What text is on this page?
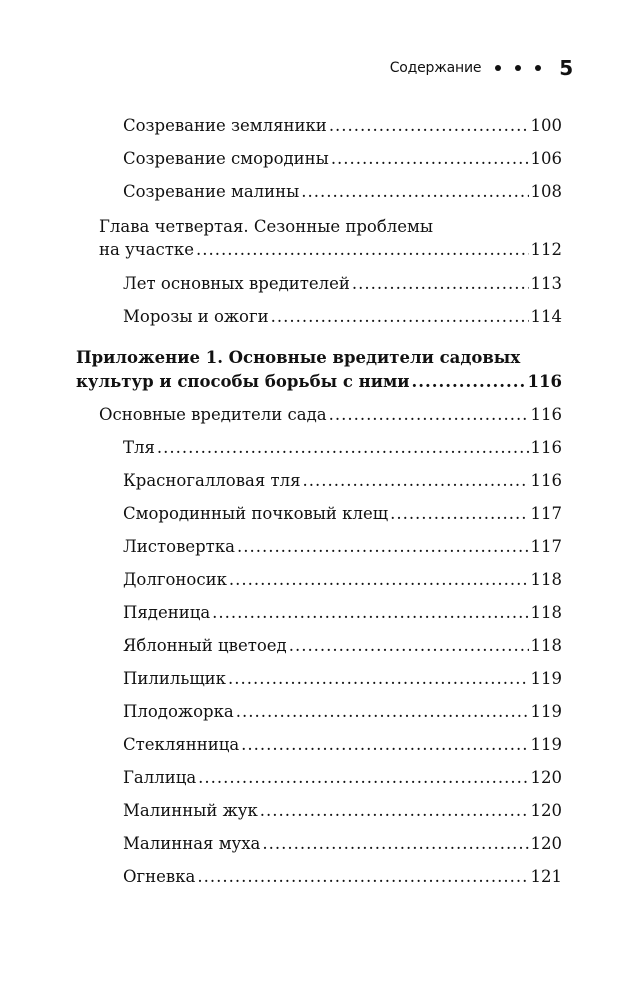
Содержание	5
Созревание земляники .....	100
Созревание смородины .....	106
Созревание малины .....	108
Глава четвертая. Сезонные проблемы
на участке .....	112
Лет основных вредителей .....	113
Морозы и ожоги .....	114
Приложение 1. Основные вредители садовых
культур и способы борьбы с ними .....	116
Основные вредители сада .....	116
Тля .....	116
Красногалловая тля .....	116
Смородинный почковый клещ .....	117
Листовертка .....	117
Долгоносик .....	118
Пяденица .....	118
Яблонный цветоед .....	118
Пилильщик .....	119
Плодожорка .....	119
Стеклянница .....	119
Галлица .....	120
Малинный жук .....	120
Малинная муха .....	120
Огневка .....	121
